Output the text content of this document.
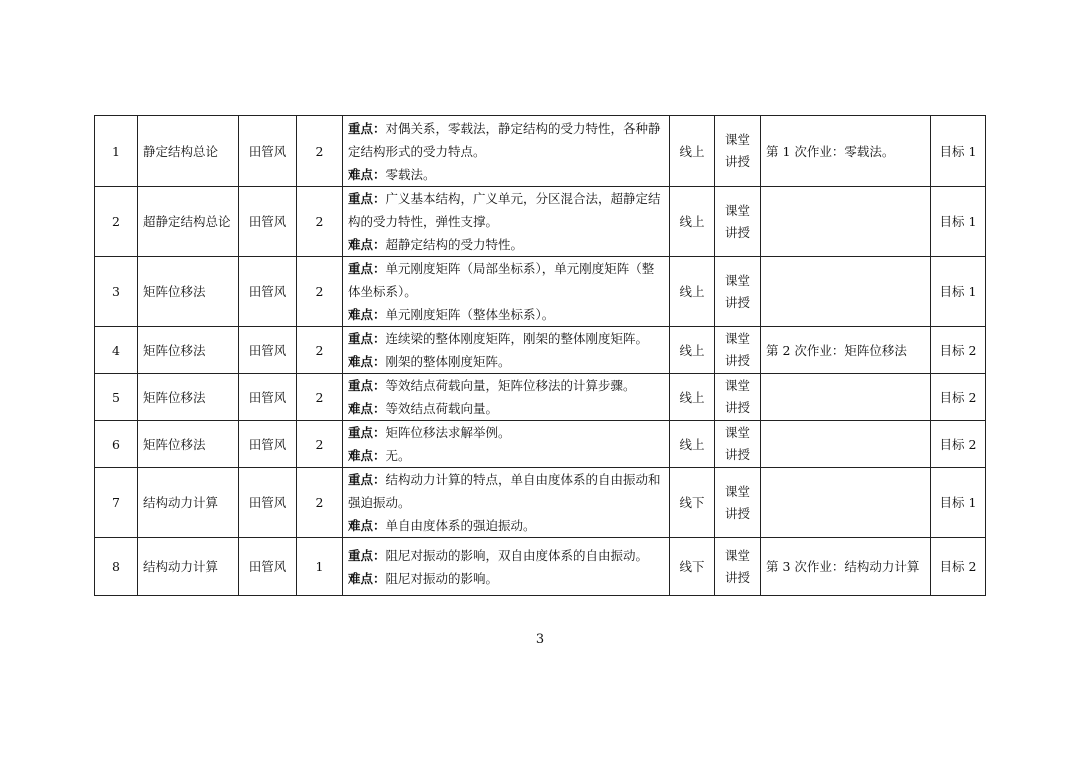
1	静定结构总论	田管风	2	重点：对偶关系，零载法，静定结构的受力特性，各种静定结构形式的受力特点。
难点：零载法。	线上	课堂讲授	第 1 次作业：零载法。	目标 1
2	超静定结构总论	田管风	2	重点：广义基本结构，广义单元，分区混合法，超静定结构的受力特性，弹性支撑。
难点：超静定结构的受力特性。	线上	课堂讲授		目标 1
3	矩阵位移法	田管风	2	重点：单元刚度矩阵（局部坐标系），单元刚度矩阵（整体坐标系）。
难点：单元刚度矩阵（整体坐标系）。	线上	课堂讲授		目标 1
4	矩阵位移法	田管风	2	重点：连续梁的整体刚度矩阵，刚架的整体刚度矩阵。
难点：刚架的整体刚度矩阵。	线上	课堂讲授	第 2 次作业：矩阵位移法	目标 2
5	矩阵位移法	田管风	2	重点：等效结点荷载向量，矩阵位移法的计算步骤。
难点：等效结点荷载向量。	线上	课堂讲授		目标 2
6	矩阵位移法	田管风	2	重点：矩阵位移法求解举例。
难点：无。	线上	课堂讲授		目标 2
7	结构动力计算	田管风	2	重点：结构动力计算的特点，单自由度体系的自由振动和强迫振动。
难点：单自由度体系的强迫振动。	线下	课堂讲授		目标 1
8	结构动力计算	田管风	1	重点：阻尼对振动的影响，双自由度体系的自由振动。
难点：阻尼对振动的影响。	线下	课堂讲授	第 3 次作业：结构动力计算	目标 2
3
